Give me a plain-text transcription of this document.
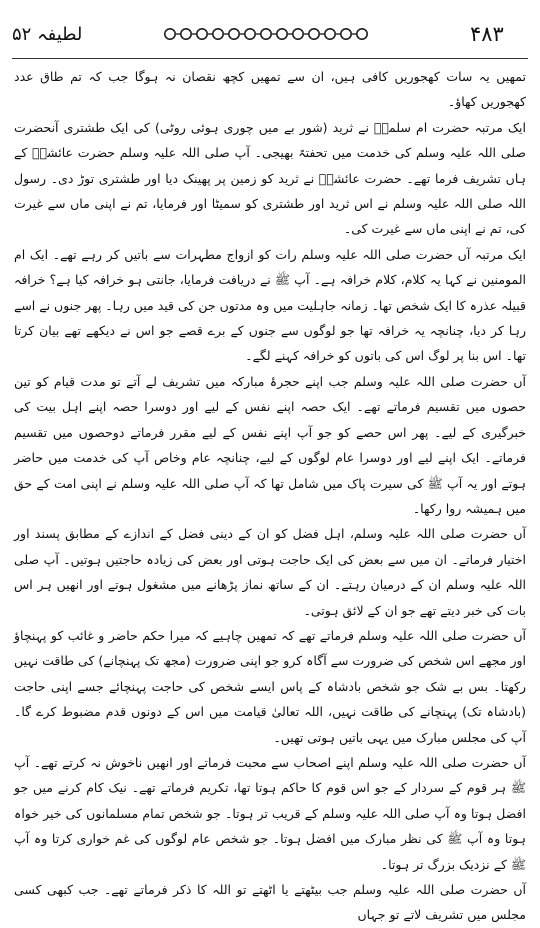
۴۸۳
لطیفہ ۵۲

تمھیں یہ سات کھجوریں کافی ہیں، ان سے تمھیں کچھ نقصان نہ ہوگا جب کہ تم طاق عدد کھجوریں کھاؤ۔

ایک مرتبہ حضرت ام سلمہؓ نے ثرید (شور بے میں چوری ہوئی روٹی) کی ایک طشتری آنحضرت صلی اللہ علیہ وسلم کی خدمت میں تحفتہً بھیجی۔ آپ صلی اللہ علیہ وسلم حضرت عائشہؓ کے ہاں تشریف فرما تھے۔ حضرت عائشہؓ نے ثرید کو زمین پر پھینک دیا اور طشتری توڑ دی۔ رسول اللہ صلی اللہ علیہ وسلم نے اس ثرید اور طشتری کو سمیٹا اور فرمایا، تم نے اپنی ماں سے غیرت کی، تم نے اپنی ماں سے غیرت کی۔

ایک مرتبہ آں حضرت صلی اللہ علیہ وسلم رات کو ازواج مطہرات سے باتیں کر رہے تھے۔ ایک ام المومنین نے کہا یہ کلام، کلام خرافہ ہے۔ آپ ﷺ نے دریافت فرمایا، جانتی ہو خرافہ کیا ہے؟ خرافہ قبیلہ عذرہ کا ایک شخص تھا۔ زمانہ جاہلیت میں وہ مدتوں جن کی قید میں رہا۔ پھر جنوں نے اسے رہا کر دیا، چنانچہ یہ خرافہ تھا جو لوگوں سے جنوں کے برے قصے جو اس نے دیکھے تھے بیان کرتا تھا۔ اس بنا پر لوگ اس کی باتوں کو خرافہ کہنے لگے۔

آں حضرت صلی اللہ علیہ وسلم جب اپنے حجرۂ مبارکہ میں تشریف لے آتے تو مدت قیام کو تین حصوں میں تقسیم فرماتے تھے۔ ایک حصہ اپنے نفس کے لیے اور دوسرا حصہ اپنے اہل بیت کی خبرگیری کے لیے۔ پھر اس حصے کو جو آپ اپنے نفس کے لیے مقرر فرماتے دوحصوں میں تقسیم فرماتے۔ ایک اپنے لیے اور دوسرا عام لوگوں کے لیے، چنانچہ عام وخاص آپ کی خدمت میں حاضر ہوتے اور یہ آپ ﷺ کی سیرت پاک میں شامل تھا کہ آپ صلی اللہ علیہ وسلم نے اپنی امت کے حق میں ہمیشہ روا رکھا۔

آں حضرت صلی اللہ علیہ وسلم، اہل فضل کو ان کے دینی فضل کے اندازے کے مطابق پسند اور اختیار فرماتے۔ ان میں سے بعض کی ایک حاجت ہوتی اور بعض کی زیادہ حاجتیں ہوتیں۔ آپ صلی اللہ علیہ وسلم ان کے درمیان رہتے۔ ان کے ساتھ نماز پڑھانے میں مشغول ہوتے اور انھیں ہر اس بات کی خبر دیتے تھے جو ان کے لائق ہوتی۔

آں حضرت صلی اللہ علیہ وسلم فرماتے تھے کہ تمھیں چاہیے کہ میرا حکم حاضر و غائب کو پہنچاؤ اور مجھے اس شخص کی ضرورت سے آگاہ کرو جو اپنی ضرورت (مجھ تک پہنچانے) کی طاقت نہیں رکھتا۔ بس بے شک جو شخص بادشاہ کے پاس ایسے شخص کی حاجت پہنچائے جسے اپنی حاجت (بادشاہ تک) پہنچانے کی طاقت نہیں، اللہ تعالیٰ قیامت میں اس کے دونوں قدم مضبوط کرے گا۔ آپ کی مجلس مبارک میں یہی باتیں ہوتی تھیں۔

آں حضرت صلی اللہ علیہ وسلم اپنے اصحاب سے محبت فرماتے اور انھیں ناخوش نہ کرتے تھے۔ آپ ﷺ ہر قوم کے سردار کے جو اس قوم کا حاکم ہوتا تھا، تکریم فرماتے تھے۔ نیک کام کرنے میں جو افضل ہوتا وہ آپ صلی اللہ علیہ وسلم کے قریب تر ہوتا۔ جو شخص تمام مسلمانوں کی خیر خواہ ہوتا وہ آپ ﷺ کی نظر مبارک میں افضل ہوتا۔ جو شخص عام لوگوں کی غم خواری کرتا وہ آپ ﷺ کے نزدیک بزرگ تر ہوتا۔

آں حضرت صلی اللہ علیہ وسلم جب بیٹھتے یا اٹھتے تو اللہ کا ذکر فرماتے تھے۔ جب کبھی کسی مجلس میں تشریف لاتے تو جہاں
